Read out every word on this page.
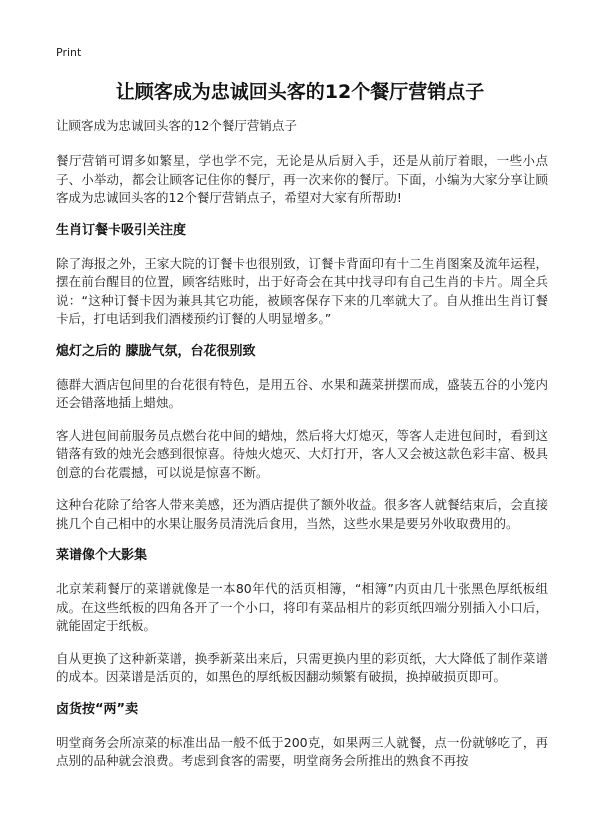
Print
让顾客成为忠诚回头客的12个餐厅营销点子
让顾客成为忠诚回头客的12个餐厅营销点子

餐厅营销可谓多如繁星，学也学不完，无论是从后厨入手，还是从前厅着眼，一些小点子、小举动，都会让顾客记住你的餐厅，再一次来你的餐厅。下面，小编为大家分享让顾客成为忠诚回头客的12个餐厅营销点子，希望对大家有所帮助!

生肖订餐卡吸引关注度

除了海报之外，王家大院的订餐卡也很别致，订餐卡背面印有十二生肖图案及流年运程，摆在前台醒目的位置，顾客结账时，出于好奇会在其中找寻印有自己生肖的卡片。周全兵说：“这种订餐卡因为兼具其它功能，被顾客保存下来的几率就大了。自从推出生肖订餐卡后，打电话到我们酒楼预约订餐的人明显增多。”

熄灯之后的 朦胧气氛，台花很别致

德群大酒店包间里的台花很有特色，是用五谷、水果和蔬菜拼摆而成，盛装五谷的小笼内还会错落地插上蜡烛。

客人进包间前服务员点燃台花中间的蜡烛，然后将大灯熄灭，等客人走进包间时，看到这错落有致的烛光会感到很惊喜。待烛火熄灭、大灯打开，客人又会被这款色彩丰富、极具创意的台花震撼，可以说是惊喜不断。

这种台花除了给客人带来美感，还为酒店提供了额外收益。很多客人就餐结束后，会直接挑几个自己相中的水果让服务员清洗后食用，当然，这些水果是要另外收取费用的。

菜谱像个大影集

北京茉莉餐厅的菜谱就像是一本80年代的活页相簿，“相簿”内页由几十张黑色厚纸板组成。在这些纸板的四角各开了一个小口，将印有菜品相片的彩页纸四端分别插入小口后，就能固定于纸板。

自从更换了这种新菜谱，换季新菜出来后，只需更换内里的彩页纸，大大降低了制作菜谱的成本。因菜谱是活页的，如黑色的厚纸板因翻动频繁有破损，换掉破损页即可。

卤货按“两”卖

明堂商务会所凉菜的标准出品一般不低于200克，如果两三人就餐，点一份就够吃了，再点别的品种就会浪费。考虑到食客的需要，明堂商务会所推出的熟食不再按
